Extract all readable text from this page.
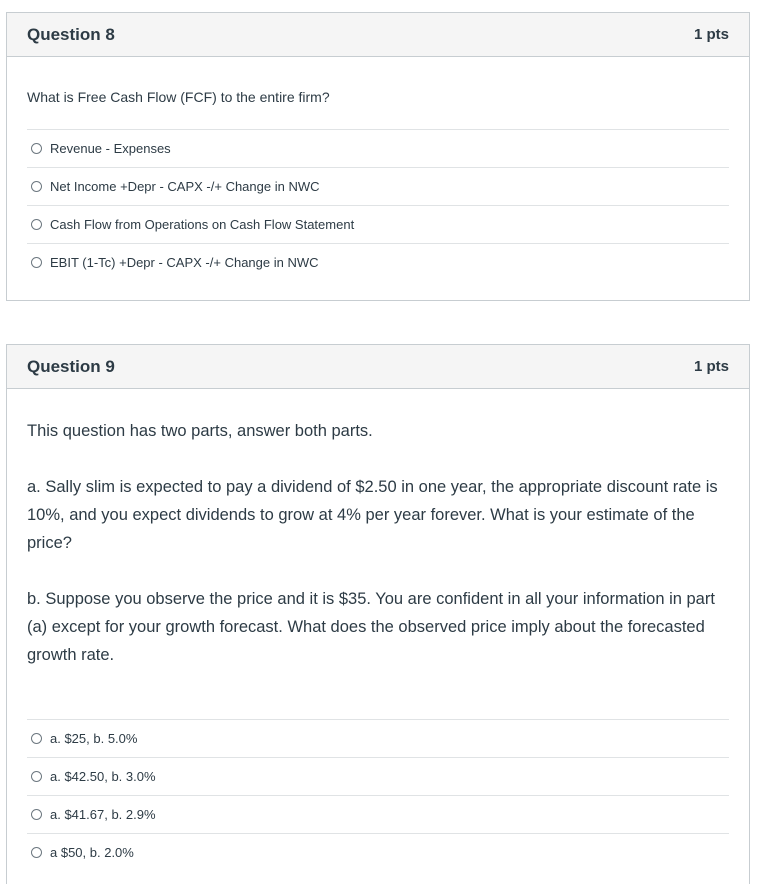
Question 8	1 pts

What is Free Cash Flow (FCF) to the entire firm?

Revenue - Expenses
Net Income +Depr - CAPX -/+ Change in NWC
Cash Flow from Operations on Cash Flow Statement
EBIT (1-Tc) +Depr - CAPX -/+ Change in NWC
Question 9	1 pts

This question has two parts, answer both parts.

a. Sally slim is expected to pay a dividend of $2.50 in one year, the appropriate discount rate is 10%, and you expect dividends to grow at 4% per year forever. What is your estimate of the price?

b. Suppose you observe the price and it is $35. You are confident in all your information in part (a) except for your growth forecast. What does the observed price imply about the forecasted growth rate.

a. $25, b. 5.0%
a. $42.50, b. 3.0%
a. $41.67, b. 2.9%
a $50, b. 2.0%
